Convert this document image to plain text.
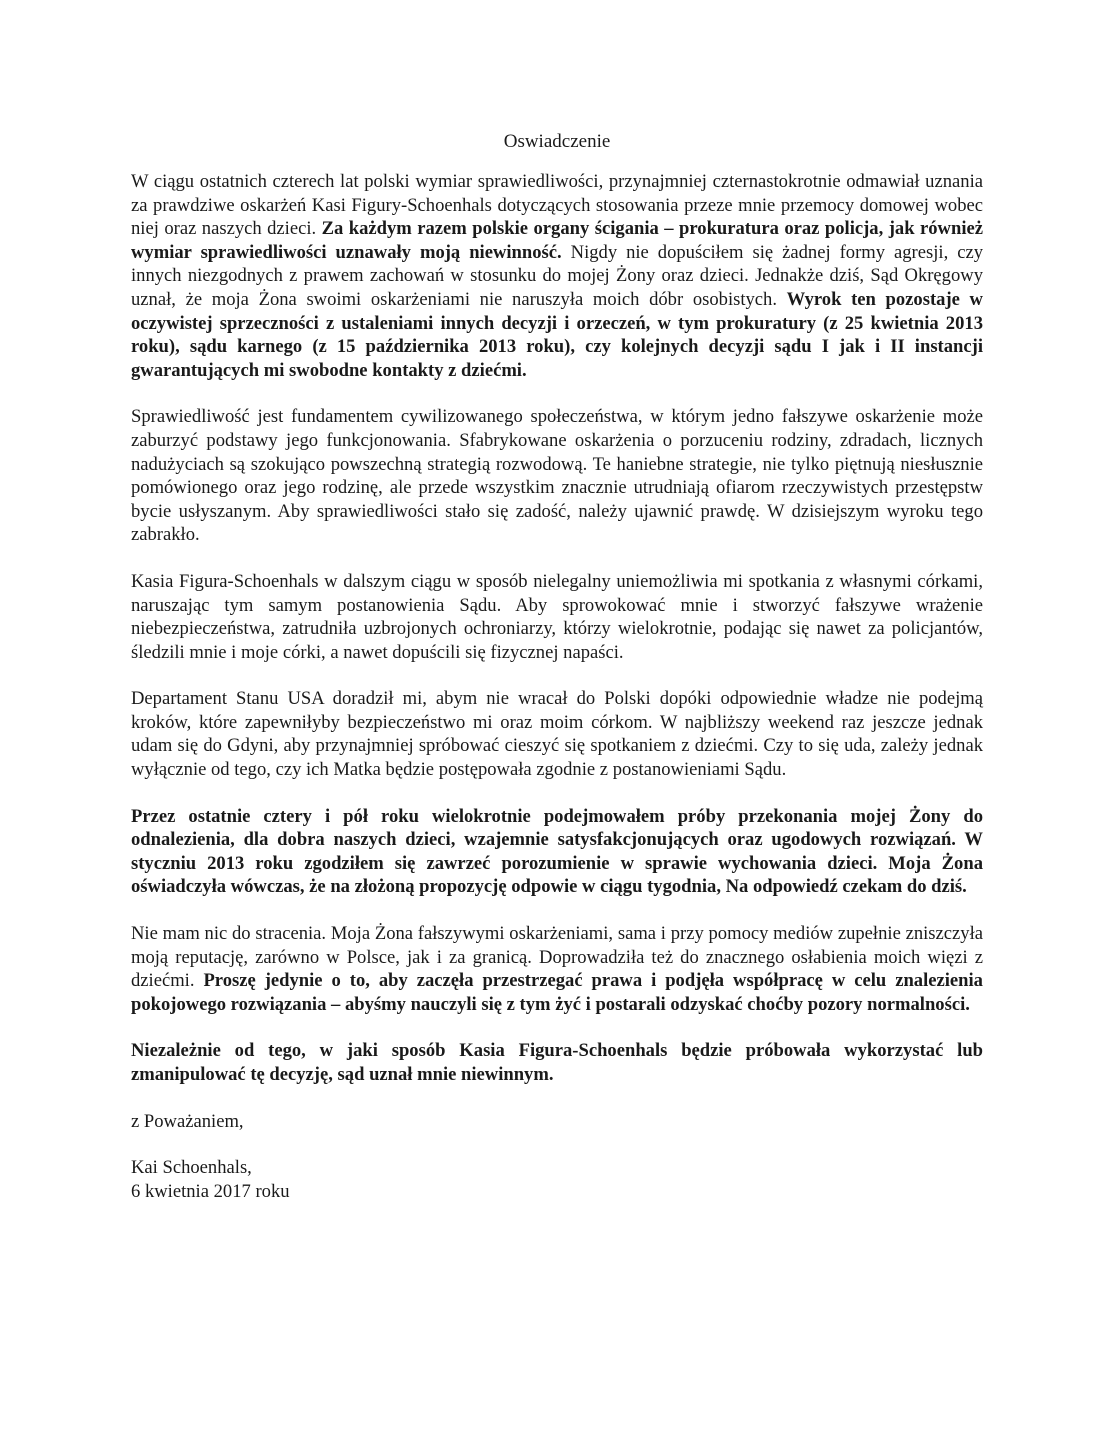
Oswiadczenie

W ciągu ostatnich czterech lat polski wymiar sprawiedliwości, przynajmniej czternastokrotnie odmawiał uznania za prawdziwe oskarżeń Kasi Figury-Schoenhals dotyczących stosowania przeze mnie przemocy domowej wobec niej oraz naszych dzieci. Za każdym razem polskie organy ścigania – prokuratura oraz policja, jak również wymiar sprawiedliwości uznawały moją niewinność. Nigdy nie dopuściłem się żadnej formy agresji, czy innych niezgodnych z prawem zachowań w stosunku do mojej Żony oraz dzieci. Jednakże dziś, Sąd Okręgowy uznał, że moja Żona swoimi oskarżeniami nie naruszyła moich dóbr osobistych. Wyrok ten pozostaje w oczywistej sprzeczności z ustaleniami innych decyzji i orzeczeń, w tym prokuratury (z 25 kwietnia 2013 roku), sądu karnego (z 15 października 2013 roku), czy kolejnych decyzji sądu I jak i II instancji gwarantujących mi swobodne kontakty z dziećmi.

Sprawiedliwość jest fundamentem cywilizowanego społeczeństwa, w którym jedno fałszywe oskarżenie może zaburzyć podstawy jego funkcjonowania. Sfabrykowane oskarżenia o porzuceniu rodziny, zdradach, licznych nadużyciach są szokująco powszechną strategią rozwodową. Te haniebne strategie, nie tylko piętnują niesłusznie pomówionego oraz jego rodzinę, ale przede wszystkim znacznie utrudniają ofiarom rzeczywistych przestępstw bycie usłyszanym. Aby sprawiedliwości stało się zadość, należy ujawnić prawdę. W dzisiejszym wyroku tego zabrakło.

Kasia Figura-Schoenhals w dalszym ciągu w sposób nielegalny uniemożliwia mi spotkania z własnymi córkami, naruszając tym samym postanowienia Sądu. Aby sprowokować mnie i stworzyć fałszywe wrażenie niebezpieczeństwa, zatrudniła uzbrojonych ochroniarzy, którzy wielokrotnie, podając się nawet za policjantów, śledzili mnie i moje córki, a nawet dopuścili się fizycznej napaści.

Departament Stanu USA doradził mi, abym nie wracał do Polski dopóki odpowiednie władze nie podejmą kroków, które zapewniłyby bezpieczeństwo mi oraz moim córkom. W najbliższy weekend raz jeszcze jednak udam się do Gdyni, aby przynajmniej spróbować cieszyć się spotkaniem z dziećmi. Czy to się uda, zależy jednak wyłącznie od tego, czy ich Matka będzie postępowała zgodnie z postanowieniami Sądu.

Przez ostatnie cztery i pół roku wielokrotnie podejmowałem próby przekonania mojej Żony do odnalezienia, dla dobra naszych dzieci, wzajemnie satysfakcjonujących oraz ugodowych rozwiązań. W styczniu 2013 roku zgodziłem się zawrzeć porozumienie w sprawie wychowania dzieci. Moja Żona oświadczyła wówczas, że na złożoną propozycję odpowie w ciągu tygodnia, Na odpowiedź czekam do dziś.

Nie mam nic do stracenia. Moja Żona fałszywymi oskarżeniami, sama i przy pomocy mediów zupełnie zniszczyła moją reputację, zarówno w Polsce, jak i za granicą. Doprowadziła też do znacznego osłabienia moich więzi z dziećmi. Proszę jedynie o to, aby zaczęła przestrzegać prawa i podjęła współpracę w celu znalezienia pokojowego rozwiązania – abyśmy nauczyli się z tym żyć i postarali odzyskać choćby pozory normalności.

Niezależnie od tego, w jaki sposób Kasia Figura-Schoenhals będzie próbowała wykorzystać lub zmanipulować tę decyzję, sąd uznał mnie niewinnym.

z Poważaniem,

Kai Schoenhals,

6 kwietnia 2017 roku
